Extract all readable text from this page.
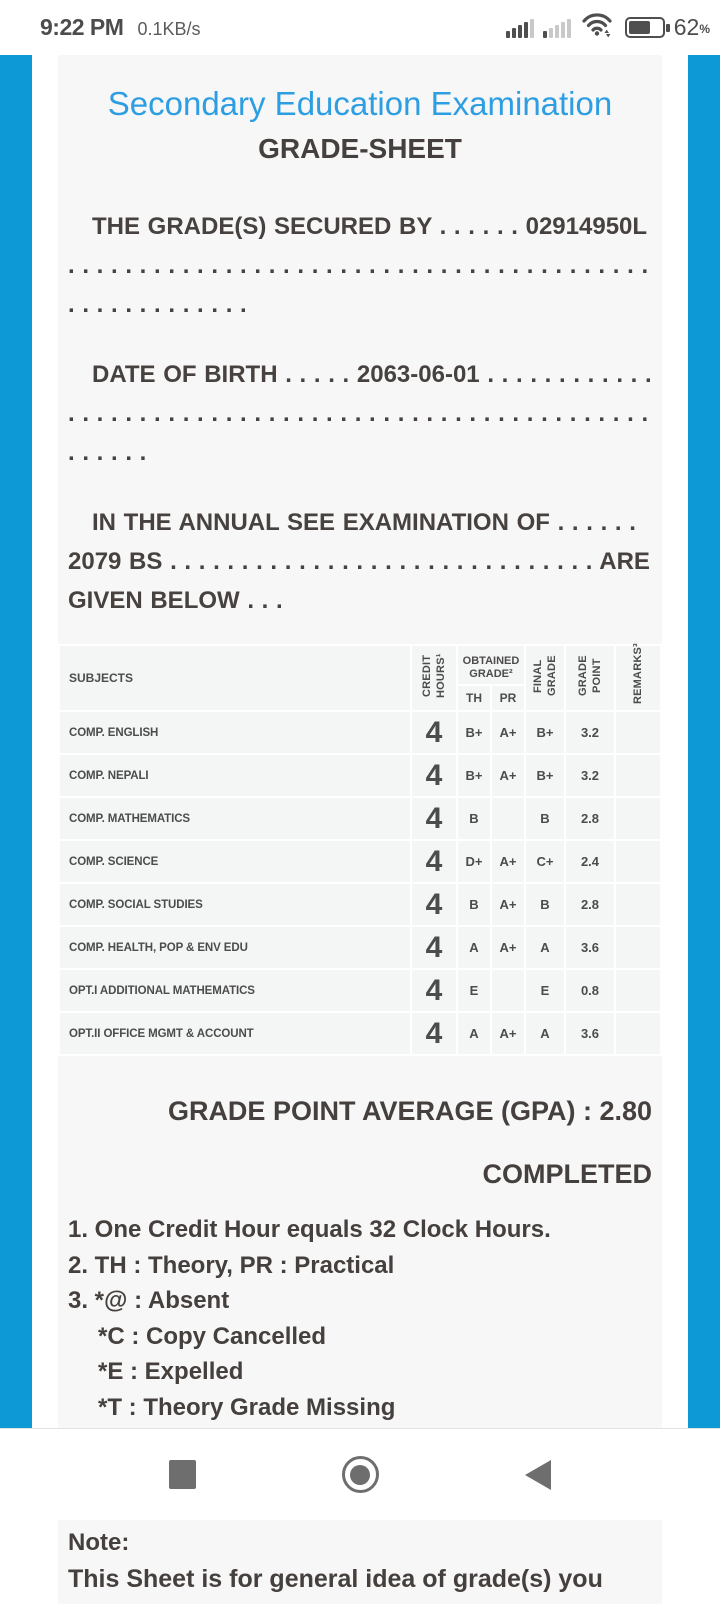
9:22 PM 0.1KB/s	62 %
Secondary Education Examination
GRADE-SHEET

THE GRADE(S) SECURED BY . . . . . . 02914950L . . . . . . . . . . . . . . . . . . . . . . . . . . . . . . . . . . . . . . . . . . . . . . . . . . . . . .

DATE OF BIRTH . . . . . 2063-06-01 . . . . . . . . . . . . . . . . . . . . . . . . . . . . . . . . . . . . . . . . . . . . . . . . . . . . . . . . . . .

IN THE ANNUAL SEE EXAMINATION OF . . . . . . 2079 BS . . . . . . . . . . . . . . . . . . . . . . . . . . . . . . ARE GIVEN BELOW . . .

SUBJECTS	CREDIT HOURS¹	OBTAINED GRADE²		FINAL GRADE	GRADE POINT	REMARKS³
		TH	PR			
COMP. ENGLISH	4	B+	A+	B+	3.2	
COMP. NEPALI	4	B+	A+	B+	3.2	
COMP. MATHEMATICS	4	B		B	2.8	
COMP. SCIENCE	4	D+	A+	C+	2.4	
COMP. SOCIAL STUDIES	4	B	A+	B	2.8	
COMP. HEALTH, POP & ENV EDU	4	A	A+	A	3.6	
OPT.I ADDITIONAL MATHEMATICS	4	E		E	0.8	
OPT.II OFFICE MGMT & ACCOUNT	4	A	A+	A	3.6	
GRADE POINT AVERAGE (GPA) : 2.80
COMPLETED
1. One Credit Hour equals 32 Clock Hours.
2. TH : Theory, PR : Practical
3. *@ : Absent
*C : Copy Cancelled
*E : Expelled
*T : Theory Grade Missing
Note:
This Sheet is for general idea of grade(s) you
